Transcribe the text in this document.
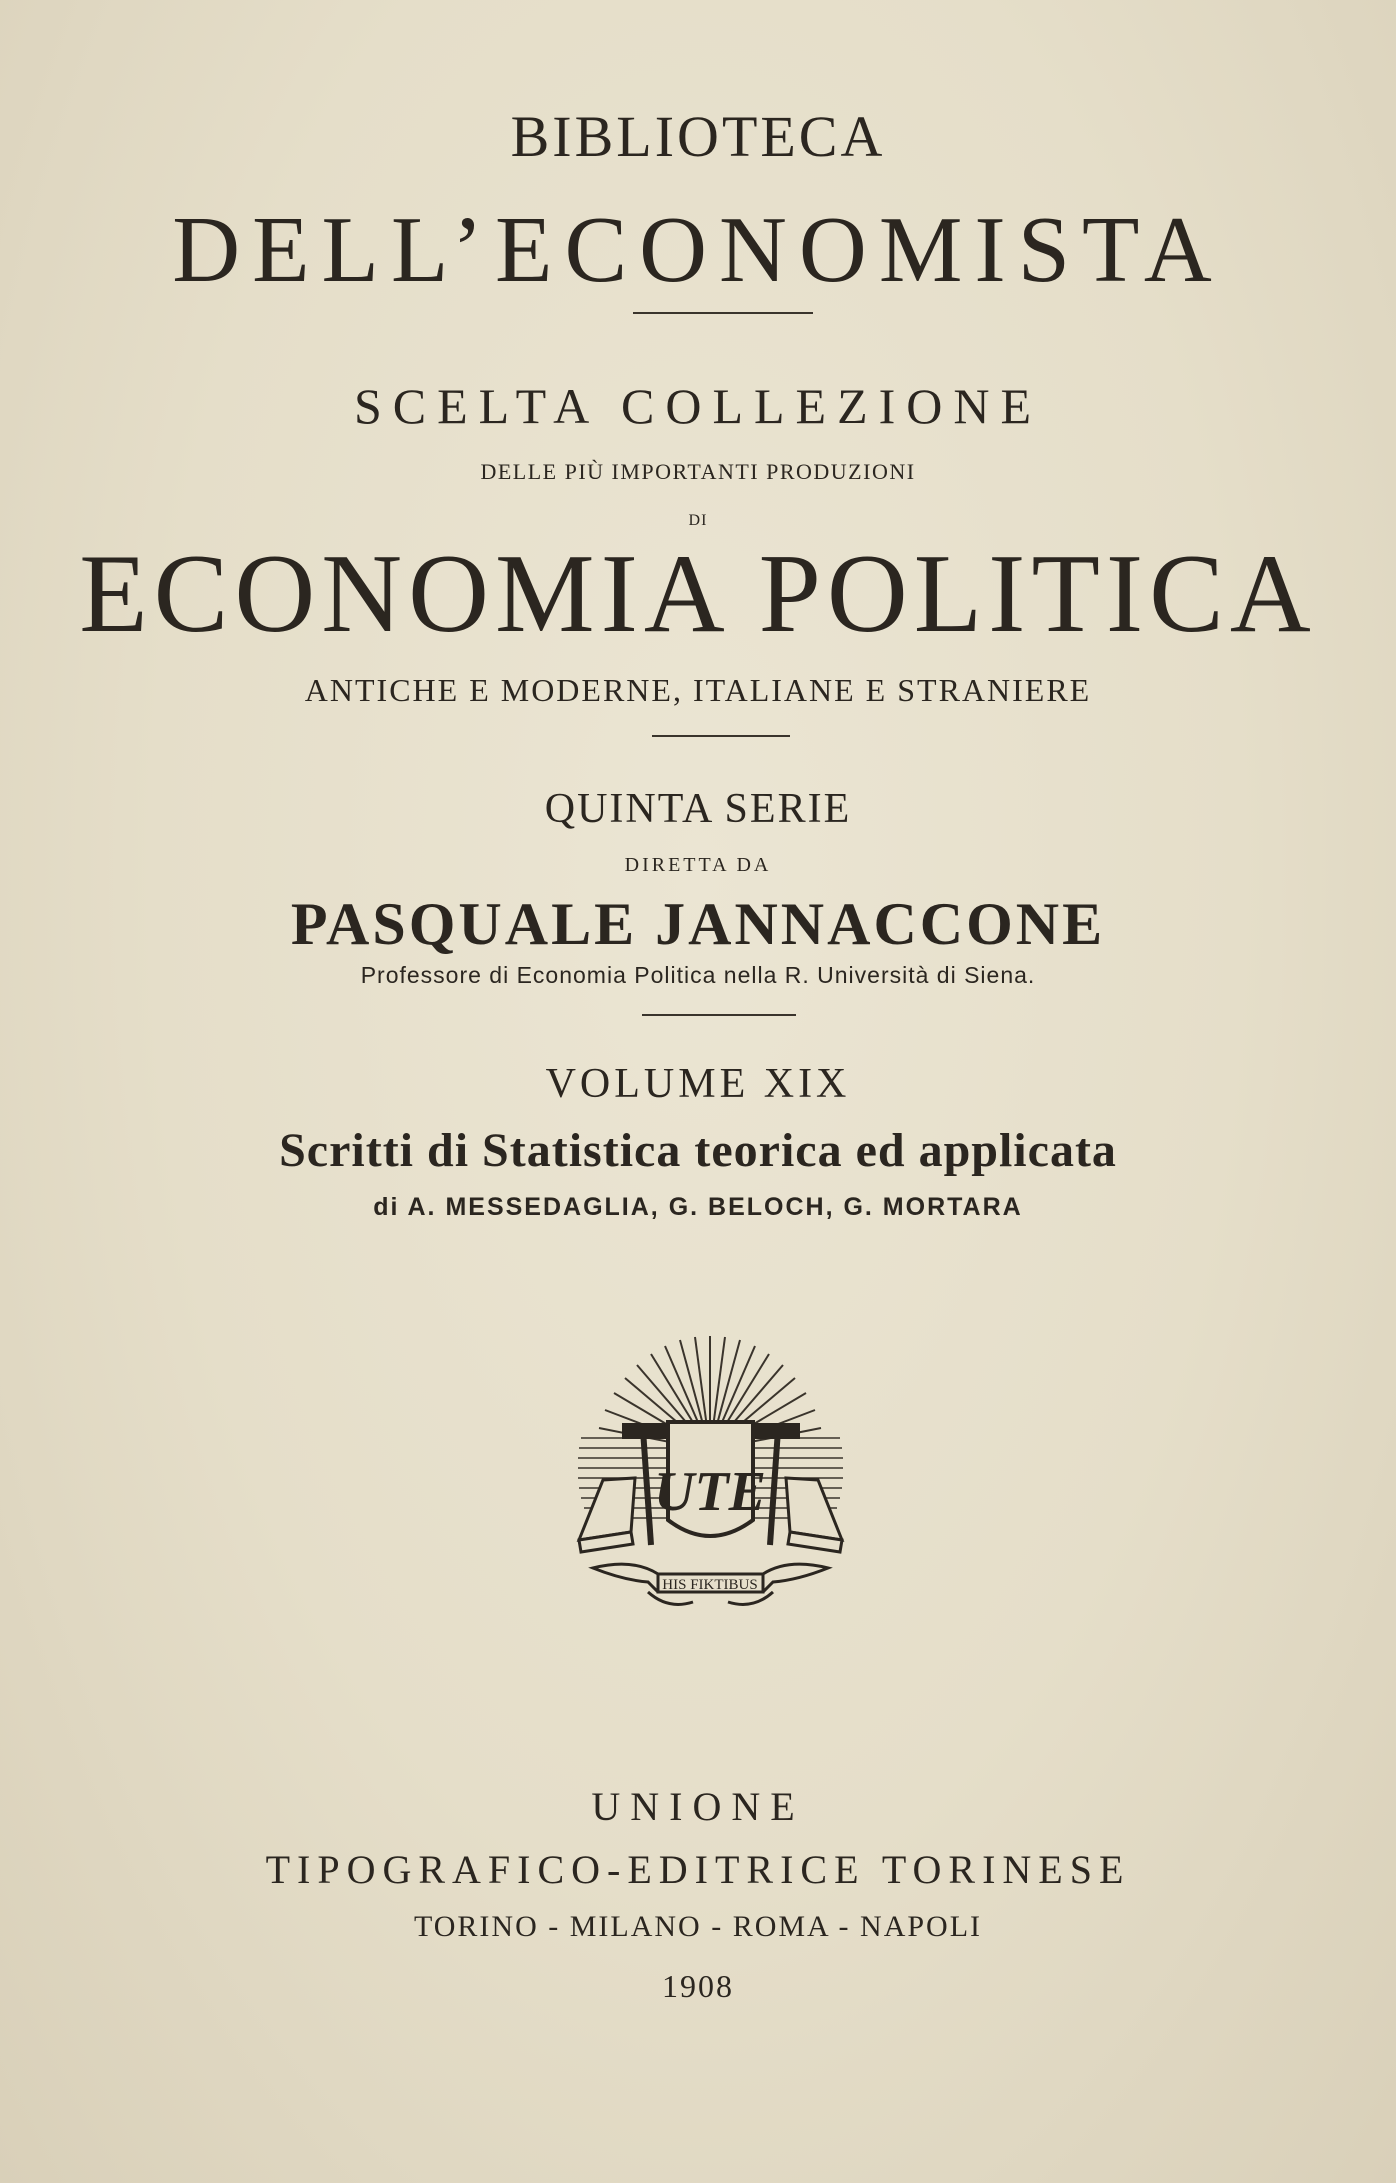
BIBLIOTECA
DELL’ECONOMISTA
SCELTA COLLEZIONE
DELLE PIÙ IMPORTANTI PRODUZIONI
DI
ECONOMIA POLITICA
ANTICHE E MODERNE, ITALIANE E STRANIERE
QUINTA SERIE
DIRETTA DA
PASQUALE JANNACCONE
Professore di Economia Politica nella R. Università di Siena.
VOLUME XIX
Scritti di Statistica teorica ed applicata
di A. MESSEDAGLIA, G. BELOCH, G. MORTARA
UTE
HIS FIKTIBUS
UNIONE
TIPOGRAFICO-EDITRICE TORINESE
TORINO - MILANO - ROMA - NAPOLI
1908
